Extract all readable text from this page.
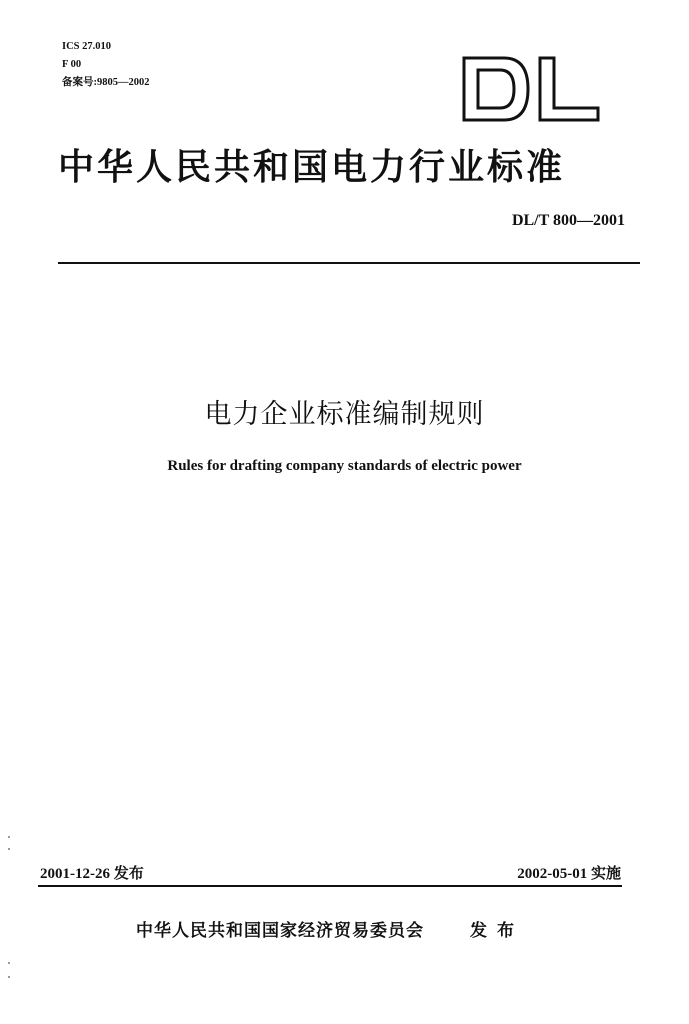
ICS 27.010
F 00
备案号:9805—2002
中华人民共和国电力行业标准
DL/T 800—2001
电力企业标准编制规则
Rules for drafting company standards of electric power
2001-12-26 发布	2002-05-01 实施
中华人民共和国国家经济贸易委员会	发布
